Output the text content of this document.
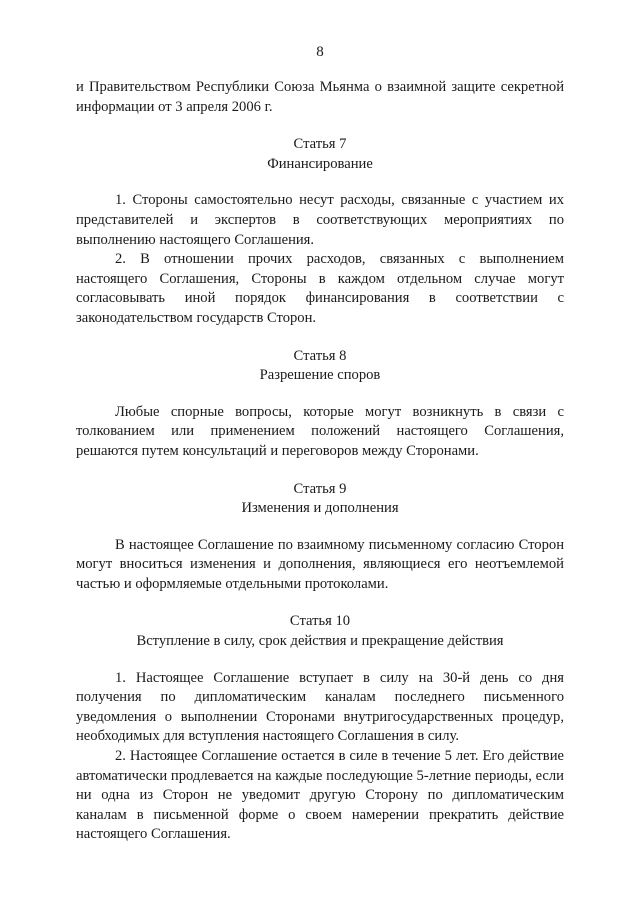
8

и Правительством Республики Союза Мьянма о взаимной защите секретной информации от 3 апреля 2006 г.

Статья 7

Финансирование

1. Стороны самостоятельно несут расходы, связанные с участием их представителей и экспертов в соответствующих мероприятиях по выполнению настоящего Соглашения.

2. В отношении прочих расходов, связанных с выполнением настоящего Соглашения, Стороны в каждом отдельном случае могут согласовывать иной порядок финансирования в соответствии с законодательством государств Сторон.

Статья 8

Разрешение споров

Любые спорные вопросы, которые могут возникнуть в связи с толкованием или применением положений настоящего Соглашения, решаются путем консультаций и переговоров между Сторонами.

Статья 9

Изменения и дополнения

В настоящее Соглашение по взаимному письменному согласию Сторон могут вноситься изменения и дополнения, являющиеся его неотъемлемой частью и оформляемые отдельными протоколами.

Статья 10

Вступление в силу, срок действия и прекращение действия

1. Настоящее Соглашение вступает в силу на 30-й день со дня получения по дипломатическим каналам последнего письменного уведомления о выполнении Сторонами внутригосударственных процедур, необходимых для вступления настоящего Соглашения в силу.

2. Настоящее Соглашение остается в силе в течение 5 лет. Его действие автоматически продлевается на каждые последующие 5-летние периоды, если ни одна из Сторон не уведомит другую Сторону по дипломатическим каналам в письменной форме о своем намерении прекратить действие настоящего Соглашения.
